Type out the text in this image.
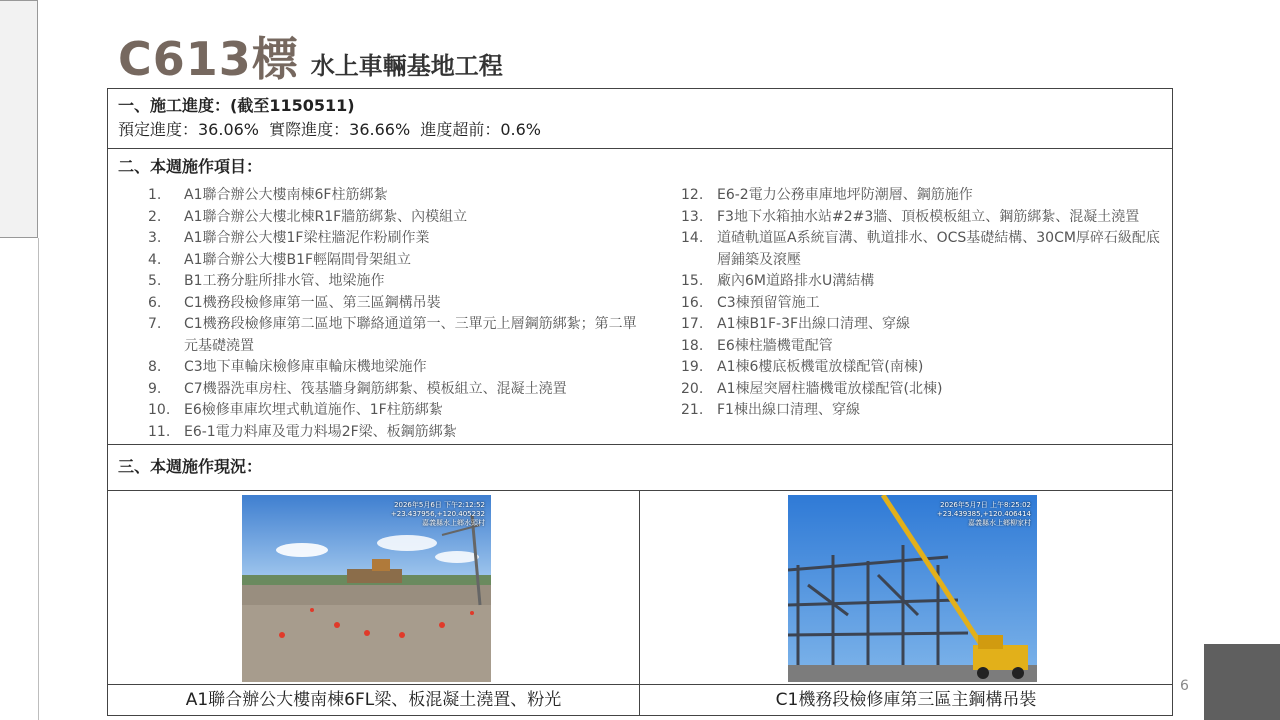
C613標 水上車輛基地工程
一、施工進度：(截至1150511)
預定進度：36.06%  實際進度：36.66%  進度超前：0.6%
二、本週施作項目：
1.	A1聯合辦公大樓南棟6F柱筋綁紮
2.	A1聯合辦公大樓北棟R1F牆筋綁紮、內模組立
3.	A1聯合辦公大樓1F梁柱牆泥作粉刷作業
4.	A1聯合辦公大樓B1F輕隔間骨架組立
5.	B1工務分駐所排水管、地梁施作
6.	C1機務段檢修庫第一區、第三區鋼構吊裝
7.	C1機務段檢修庫第二區地下聯絡通道第一、三單元上層鋼筋綁紮；第二單元基礎澆置
8.	C3地下車輪床檢修庫車輪床機地梁施作
9.	C7機器洗車房柱、筏基牆身鋼筋綁紮、模板組立、混凝土澆置
10. E6檢修車庫坎埋式軌道施作、1F柱筋綁紮
11. E6-1電力料庫及電力料場2F梁、板鋼筋綁紮
12. E6-2電力公務車庫地坪防潮層、鋼筋施作
13. F3地下水箱抽水站#2#3牆、頂板模板組立、鋼筋綁紮、混凝土澆置
14. 道碴軌道區A系統盲溝、軌道排水、OCS基礎結構、30CM厚碎石級配底層鋪築及滾壓
15. 廠內6M道路排水U溝結構
16. C3棟預留管施工
17. A1棟B1F-3F出線口清理、穿線
18. E6棟柱牆機電配管
19. A1棟6樓底板機電放樣配管(南棟)
20. A1棟屋突層柱牆機電放樣配管(北棟)
21. F1棟出線口清理、穿線
三、本週施作現況：
2026年5月6日 下午2:12:52
+23.437956,+120.405232
嘉義縣水上鄉水頭村
2026年5月7日 上午8:25:02
+23.439385,+120.406414
嘉義縣水上鄉柳家村
A1聯合辦公大樓南棟6FL梁、板混凝土澆置、粉光	C1機務段檢修庫第三區主鋼構吊裝
6
